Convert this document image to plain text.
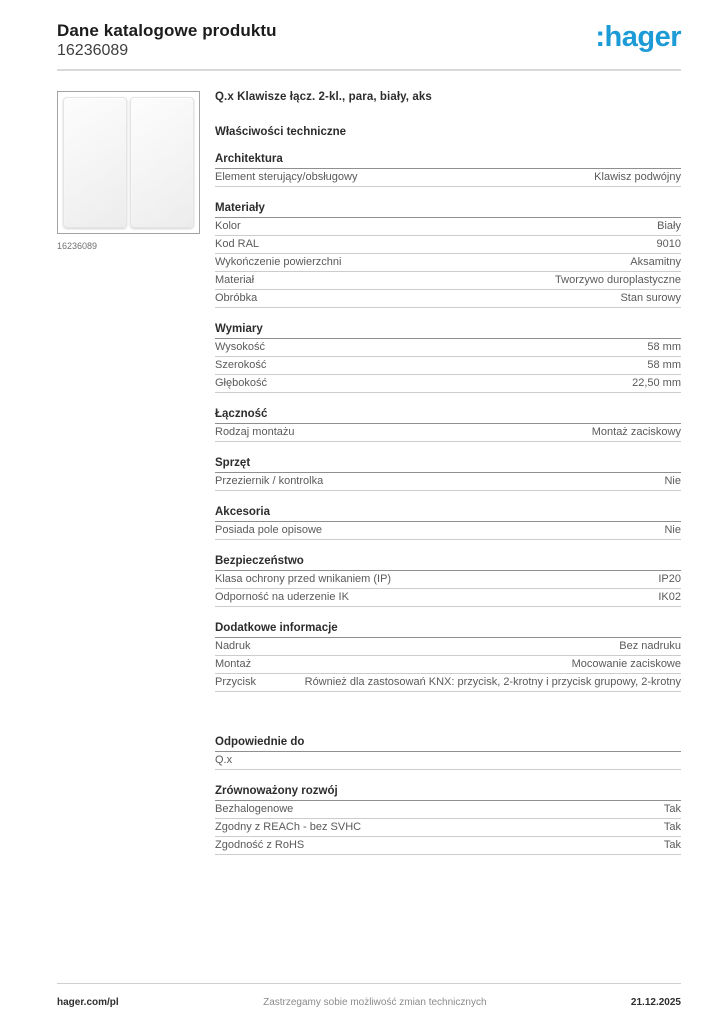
Dane katalogowe produktu
16236089	:hager
16236089
Q.x Klawisze łącz. 2-kl., para, biały, aks
Właściwości techniczne
Architektura
Element sterujący/obsługowy	Klawisz podwójny
Materiały
Kolor	Biały
Kod RAL	9010
Wykończenie powierzchni	Aksamitny
Materiał	Tworzywo duroplastyczne
Obróbka	Stan surowy
Wymiary
Wysokość	58 mm
Szerokość	58 mm
Głębokość	22,50 mm
Łączność
Rodzaj montażu	Montaż zaciskowy
Sprzęt
Przeziernik / kontrolka	Nie
Akcesoria
Posiada pole opisowe	Nie
Bezpieczeństwo
Klasa ochrony przed wnikaniem (IP)	IP20
Odporność na uderzenie IK	IK02
Dodatkowe informacje
Nadruk	Bez nadruku
Montaż	Mocowanie zaciskowe
Przycisk	Również dla zastosowań KNX: przycisk, 2-krotny i przycisk grupowy, 2-krotny
Odpowiednie do
Q.x
Zrównoważony rozwój
Bezhalogenowe	Tak
Zgodny z REACh - bez SVHC	Tak
Zgodność z RoHS	Tak
hager.com/pl	Zastrzegamy sobie możliwość zmian technicznych	21.12.2025
